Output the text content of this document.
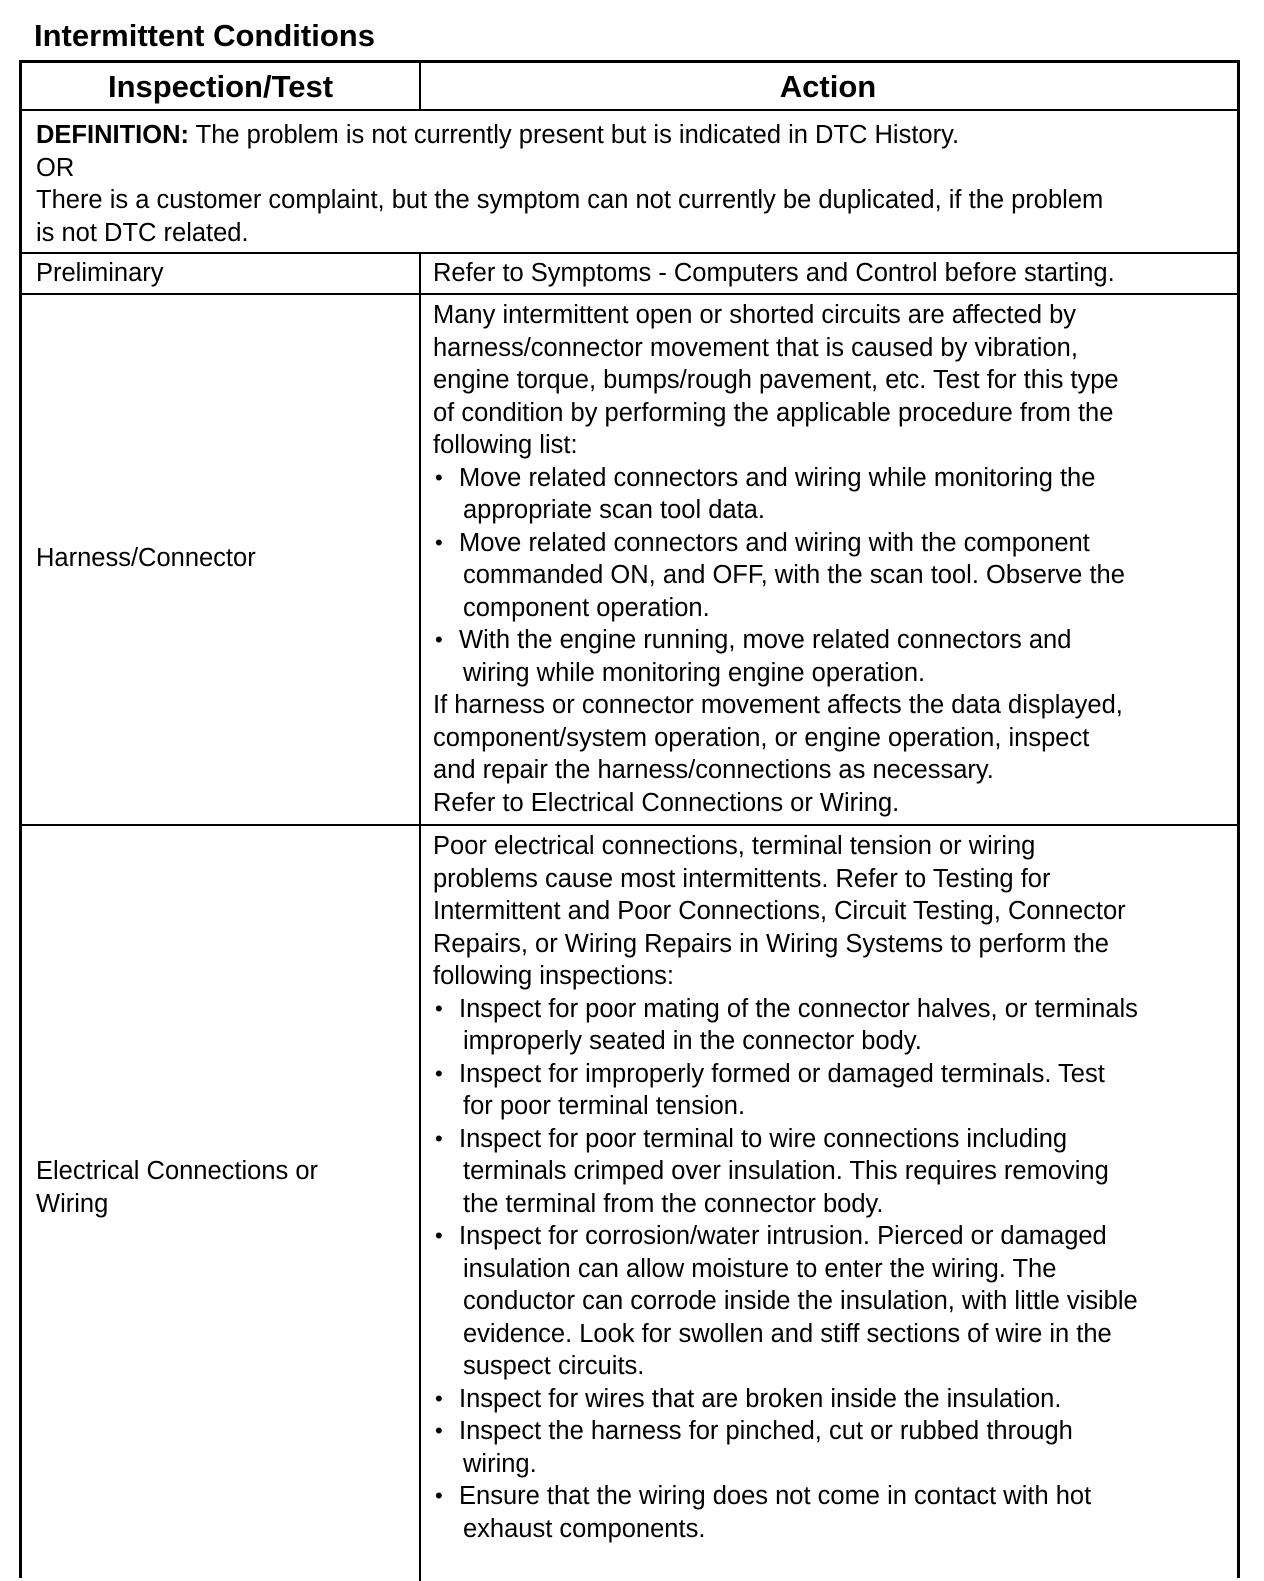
Intermittent Conditions
Inspection/Test	Action
DEFINITION: The problem is not currently present but is indicated in DTC History.
OR
There is a customer complaint, but the symptom can not currently be duplicated, if the problem
is not DTC related.
Preliminary	Refer to Symptoms - Computers and Control before starting.
Harness/Connector
Many intermittent open or shorted circuits are affected by
harness/connector movement that is caused by vibration,
engine torque, bumps/rough pavement, etc. Test for this type
of condition by performing the applicable procedure from the
following list:
• Move related connectors and wiring while monitoring the
appropriate scan tool data.
• Move related connectors and wiring with the component
commanded ON, and OFF, with the scan tool. Observe the
component operation.
• With the engine running, move related connectors and
wiring while monitoring engine operation.
If harness or connector movement affects the data displayed,
component/system operation, or engine operation, inspect
and repair the harness/connections as necessary.
Refer to Electrical Connections or Wiring.
Electrical Connections or
Wiring
Poor electrical connections, terminal tension or wiring
problems cause most intermittents. Refer to Testing for
Intermittent and Poor Connections, Circuit Testing, Connector
Repairs, or Wiring Repairs in Wiring Systems to perform the
following inspections:
• Inspect for poor mating of the connector halves, or terminals
improperly seated in the connector body.
• Inspect for improperly formed or damaged terminals. Test
for poor terminal tension.
• Inspect for poor terminal to wire connections including
terminals crimped over insulation. This requires removing
the terminal from the connector body.
• Inspect for corrosion/water intrusion. Pierced or damaged
insulation can allow moisture to enter the wiring. The
conductor can corrode inside the insulation, with little visible
evidence. Look for swollen and stiff sections of wire in the
suspect circuits.
• Inspect for wires that are broken inside the insulation.
• Inspect the harness for pinched, cut or rubbed through
wiring.
• Ensure that the wiring does not come in contact with hot
exhaust components.
